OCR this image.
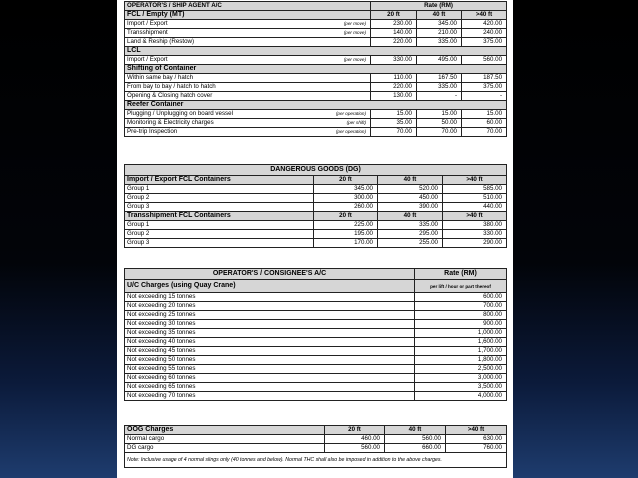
OPERATOR'S / SHIP AGENT A/C	Rate (RM)		
FCL / Empty (MT)	20 ft	40 ft	>40 ft
Import / Export (per move)	230.00	345.00	420.00
Transshipment (per move)	140.00	210.00	240.00
Land & Reship (Restow)	220.00	335.00	375.00
LCL			
Import / Export (per move)	330.00	495.00	560.00
Shifting of Container			
Within same bay / hatch	110.00	167.50	187.50
From bay to bay / hatch to hatch	220.00	335.00	375.00
Opening & Closing hatch cover	130.00	-	-
Reefer Container			
Plugging / Unplugging on board vessel (per operation)	15.00	15.00	15.00
Monitoring & Electricity charges (per shift)	35.00	50.00	60.00
Pre-trip Inspection (per operation)	70.00	70.00	70.00
DANGEROUS GOODS (DG)			
Import / Export FCL Containers	20 ft	40 ft	>40 ft
Group 1	345.00	520.00	585.00
Group 2	300.00	450.00	510.00
Group 3	260.00	390.00	440.00
Transshipment FCL Containers	20 ft	40 ft	>40 ft
Group 1	225.00	335.00	380.00
Group 2	195.00	295.00	330.00
Group 3	170.00	255.00	290.00
OPERATOR'S / CONSIGNEE'S A/C	Rate (RM)
U/C Charges (using Quay Crane)	per lift / hour or part thereof
Not exceeding 15 tonnes	600.00
Not exceeding 20 tonnes	700.00
Not exceeding 25 tonnes	800.00
Not exceeding 30 tonnes	900.00
Not exceeding 35 tonnes	1,000.00
Not exceeding 40 tonnes	1,600.00
Not exceeding 45 tonnes	1,700.00
Not exceeding 50 tonnes	1,800.00
Not exceeding 55 tonnes	2,500.00
Not exceeding 60 tonnes	3,000.00
Not exceeding 65 tonnes	3,500.00
Not exceeding 70 tonnes	4,000.00
OOG Charges	20 ft	40 ft	>40 ft
Normal cargo	460.00	560.00	630.00
DG cargo	560.00	660.00	760.00
Note: Inclusive usage of 4 normal slings only (40 tonnes and below). Normal THC shall also be imposed in addition to the above charges.			
